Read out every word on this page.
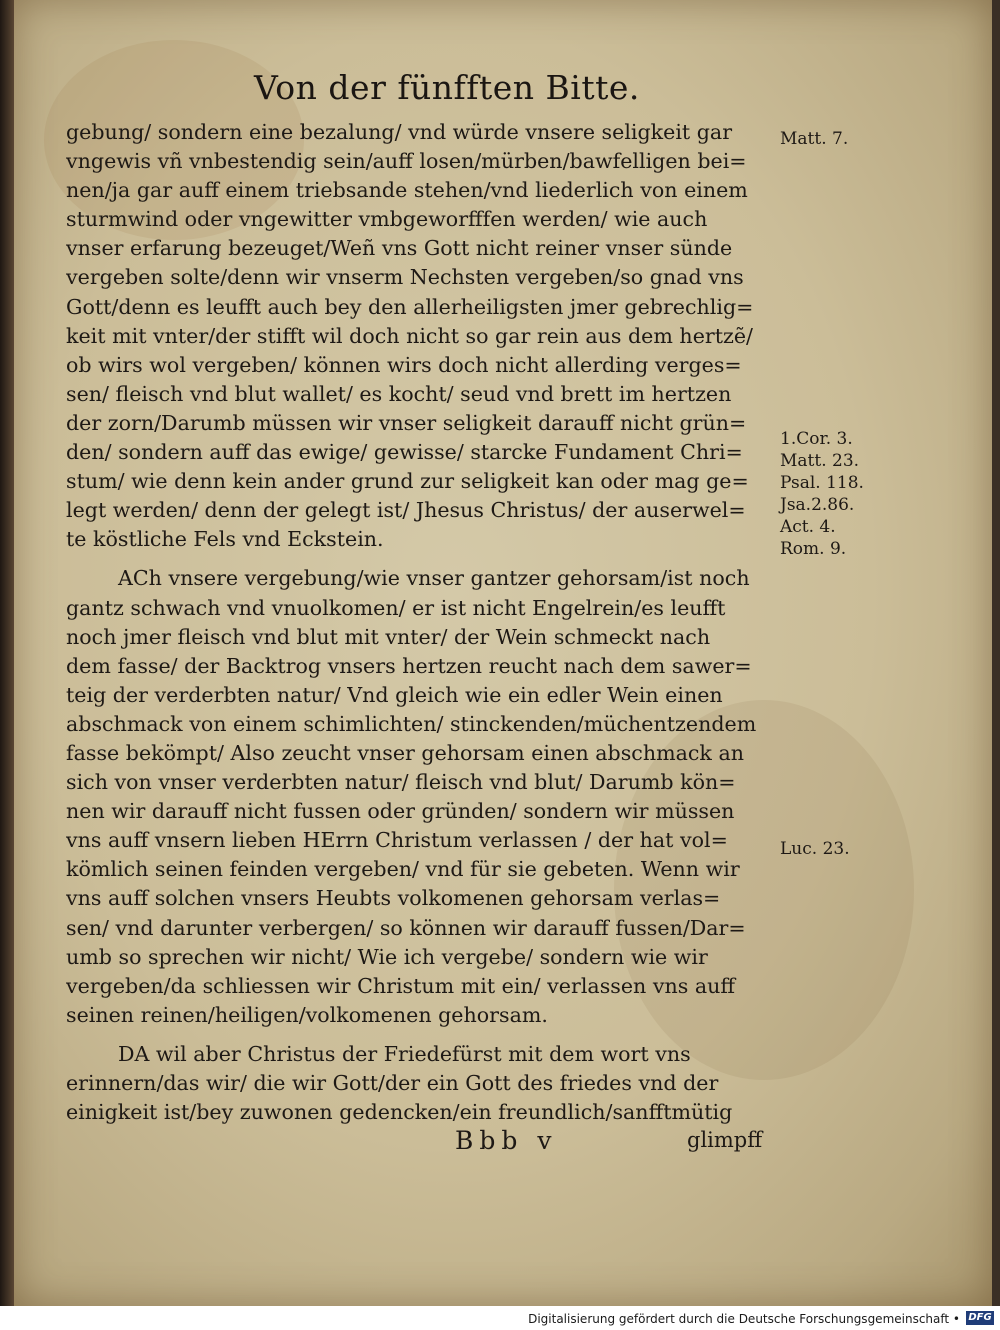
Von der fünfften Bitte.
gebung/ sondern eine bezalung/ vnd würde vnsere seligkeit gar
vngewis vñ vnbestendig sein/auff losen/mürben/bawfelligen bei=
nen/ja gar auff einem triebsande stehen/vnd liederlich von einem
sturmwind oder vngewitter vmbgeworfffen werden/ wie auch
vnser erfarung bezeuget/Weñ vns Gott nicht reiner vnser sünde
vergeben solte/denn wir vnserm Nechsten vergeben/so gnad vns
Gott/denn es leufft auch bey den allerheiligsten jmer gebrechlig=
keit mit vnter/der stifft wil doch nicht so gar rein aus dem hertzẽ/
ob wirs wol vergeben/ können wirs doch nicht allerding verges=
sen/ fleisch vnd blut wallet/ es kocht/ seud vnd brett im hertzen
der zorn/Darumb müssen wir vnser seligkeit darauff nicht grün=
den/ sondern auff das ewige/ gewisse/ starcke Fundament Chri=
stum/ wie denn kein ander grund zur seligkeit kan oder mag ge=
legt werden/ denn der gelegt ist/ Jhesus Christus/ der auserwel=
te köstliche Fels vnd Eckstein.
ACh vnsere vergebung/wie vnser gantzer gehorsam/ist noch
gantz schwach vnd vnuolkomen/ er ist nicht Engelrein/es leufft
noch jmer fleisch vnd blut mit vnter/ der Wein schmeckt nach
dem fasse/ der Backtrog vnsers hertzen reucht nach dem sawer=
teig der verderbten natur/ Vnd gleich wie ein edler Wein einen
abschmack von einem schimlichten/ stinckenden/müchentzendem
fasse bekömpt/ Also zeucht vnser gehorsam einen abschmack an
sich von vnser verderbten natur/ fleisch vnd blut/ Darumb kön=
nen wir darauff nicht fussen oder gründen/ sondern wir müssen
vns auff vnsern lieben HErrn Christum verlassen / der hat vol=
kömlich seinen feinden vergeben/ vnd für sie gebeten. Wenn wir
vns auff solchen vnsers Heubts volkomenen gehorsam verlas=
sen/ vnd darunter verbergen/ so können wir darauff fussen/Dar=
umb so sprechen wir nicht/ Wie ich vergebe/ sondern wie wir
vergeben/da schliessen wir Christum mit ein/ verlassen vns auff
seinen reinen/heiligen/volkomenen gehorsam.
DA wil aber Christus der Friedefürst mit dem wort vns
erinnern/das wir/ die wir Gott/der ein Gott des friedes vnd der
einigkeit ist/bey zuwonen gedencken/ein freundlich/sanfftmütig
Matt. 7.
1.Cor. 3.
Matt. 23.
Psal. 118.
Jsa.2.86.
Act. 4.
Rom. 9.
Luc. 23.
Bbb v	glimpff
Digitalisierung gefördert durch die Deutsche Forschungsgemeinschaft • DFG
